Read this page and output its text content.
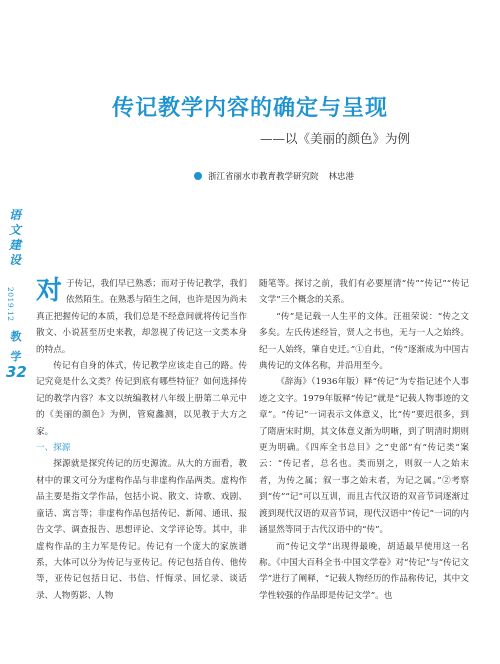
传记教学内容的确定与呈现
——以《美丽的颜色》为例
浙江省丽水市教育教学研究院 林忠港
语
文
建
设
2019.12
教
学
32

对于传记，我们早已熟悉；而对于传记教学，我们依然陌生。在熟悉与陌生之间，也许是因为尚未真正把握传记的本质，我们总是不经意间就将传记当作散文、小说甚至历史来教，却忽视了传记这一文类本身的特点。

传记有自身的体式，传记教学应该走自己的路。传记究竟是什么文类？传记到底有哪些特征？如何选择传记的教学内容？本文以统编教材八年级上册第二单元中的《美丽的颜色》为例，管窥蠡测，以见教于大方之家。

一、探源

探源就是探究传记的历史源流。从大的方面看，教材中的课文可分为虚构作品与非虚构作品两类。虚构作品主要是指文学作品，包括小说、散文、诗歌、戏剧、童话、寓言等；非虚构作品包括传记、新闻、通讯、报告文学、调查报告、思想评论、文学评论等。其中，非虚构作品的主力军是传记。传记有一个庞大的家族谱系，大体可以分为传记与亚传记。传记包括自传、他传等，亚传记包括日记、书信、忏悔录、回忆录、谈话录、人物剪影、人物

随笔等。探讨之前，我们有必要厘清“传”“传记”“传记文学”三个概念的关系。

“传”是记载一人生平的文体。汪祖荣说：“传之文多矣。左氏传述经旨，贤人之书也，无与一人之始终。纪一人始终，肇自史迁。”①自此，“传”逐渐成为中国古典传记的文体名称，并沿用至今。

《辞海》（1936年版）释“传记”为专指记述个人事迹之文字。1979年版释“传记”就是“记载人物事迹的文章”。“传记”一词表示文体意义，比“传”要迟很多，到了隋唐宋时期，其文体意义渐为明晰，到了明清时期则更为明确。《四库全书总目》之“史部”有“传记类”案云：“传记者，总名也。类而别之，则叙一人之始末者，为传之属；叙一事之始末者，为记之属。”②考察到“传”“记”可以互训，而且古代汉语的双音节词逐渐过渡到现代汉语的双音节词，现代汉语中“传记”一词的内涵显然等同于古代汉语中的“传”。

而“传记文学”出现得最晚，胡适最早使用这一名称。《中国大百科全书·中国文学卷》对“传记”与“传记文学”进行了阐释，“记载人物经历的作品称传记，其中文学性较强的作品即是传记文学”。也
